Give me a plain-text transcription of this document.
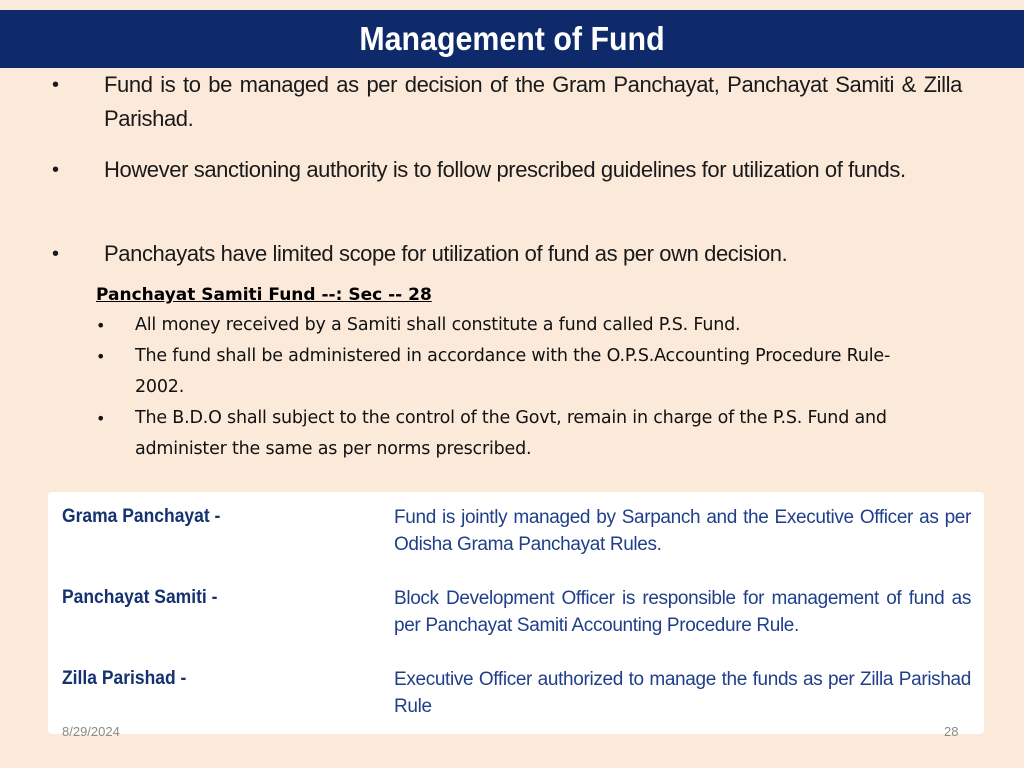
Management of Fund
• Fund is to be managed as per decision of the Gram Panchayat, Panchayat Samiti & Zilla Parishad.
• However sanctioning authority is to follow prescribed guidelines for utilization of funds.
• Panchayats have limited scope for utilization of fund as per own decision.
Panchayat Samiti Fund --: Sec -- 28
• All money received by a Samiti shall constitute a fund called P.S. Fund.
• The fund shall be administered in accordance with the O.P.S.Accounting Procedure Rule- 2002.
• The B.D.O shall subject to the control of the Govt, remain in charge of the P.S. Fund and administer the same as per norms prescribed.
Grama Panchayat -	Fund is jointly managed by Sarpanch and the Executive Officer as per Odisha Grama Panchayat Rules.
Panchayat Samiti -	Block Development Officer is responsible for management of fund as per Panchayat Samiti Accounting Procedure Rule.
Zilla Parishad -	Executive Officer authorized to manage the funds as per Zilla Parishad Rule
8/29/2024	28
